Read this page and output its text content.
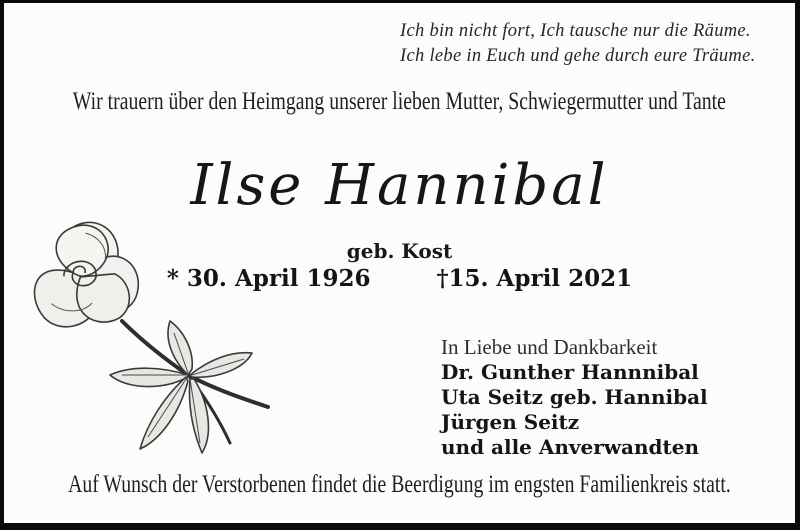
Ich bin nicht fort, Ich tausche nur die Räume.
Ich lebe in Euch und gehe durch eure Träume.
Wir trauern über den Heimgang unserer lieben Mutter, Schwiegermutter und Tante
Ilse Hannibal
geb. Kost
* 30. April 1926	†15. April 2021
In Liebe und Dankbarkeit
Dr. Gunther Hannnibal
Uta Seitz geb. Hannibal
Jürgen Seitz
und alle Anverwandten
Auf Wunsch der Verstorbenen findet die Beerdigung im engsten Familienkreis statt.
